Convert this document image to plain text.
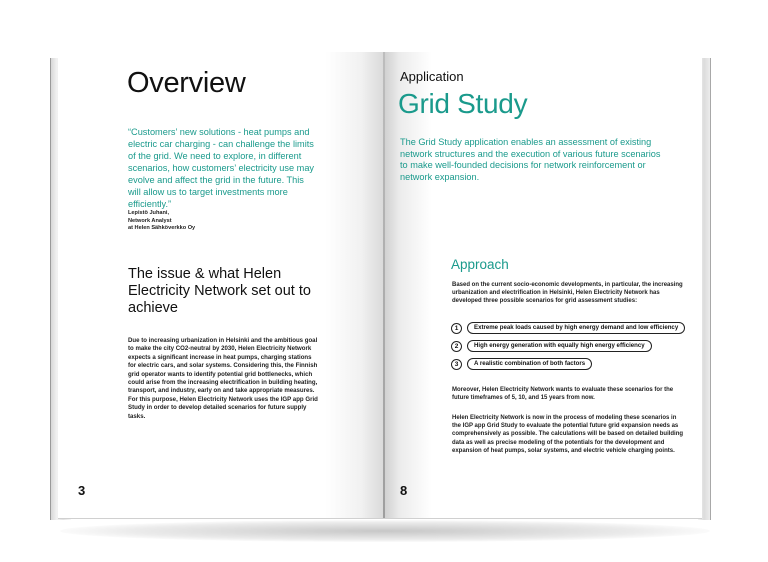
Overview
“Customers’ new solutions - heat pumps and electric car charging - can challenge the limits of the grid. We need to explore, in different scenarios, how customers’ electricity use may evolve and affect the grid in the future. This will allow us to target investments more efficiently.”
Lepistö Juhani,
Network Analyst
at Helen Sähköverkko Oy
The issue & what Helen Electricity Network set out to achieve
Due to increasing urbanization in Helsinki and the ambitious goal to make the city CO2-neutral by 2030, Helen Electricity Network expects a significant increase in heat pumps, charging stations for electric cars, and solar systems. Considering this, the Finnish grid operator wants to identify potential grid bottlenecks, which could arise from the increasing electrification in building heating, transport, and industry, early on and take appropriate measures. For this purpose, Helen Electricity Network uses the IGP app Grid Study in order to develop detailed scenarios for future supply tasks.
3
Application
Grid Study
The Grid Study application enables an assessment of existing network structures and the execution of various future scenarios to make well-founded decisions for network reinforcement or network expansion.
Approach
Based on the current socio-economic developments, in particular, the increasing urbanization and electrification in Helsinki, Helen Electricity Network has developed three possible scenarios for grid assessment studies:
1	Extreme peak loads caused by high energy demand and low efficiency
2	High energy generation with equally high energy efficiency
3	A realistic combination of both factors
Moreover, Helen Electricity Network wants to evaluate these scenarios for the future timeframes of 5, 10, and 15 years from now.
Helen Electricity Network is now in the process of modeling these scenarios in the IGP app Grid Study to evaluate the potential future grid expansion needs as comprehensively as possible. The calculations will be based on detailed building data as well as precise modeling of the potentials for the development and expansion of heat pumps, solar systems, and electric vehicle charging points.
8
